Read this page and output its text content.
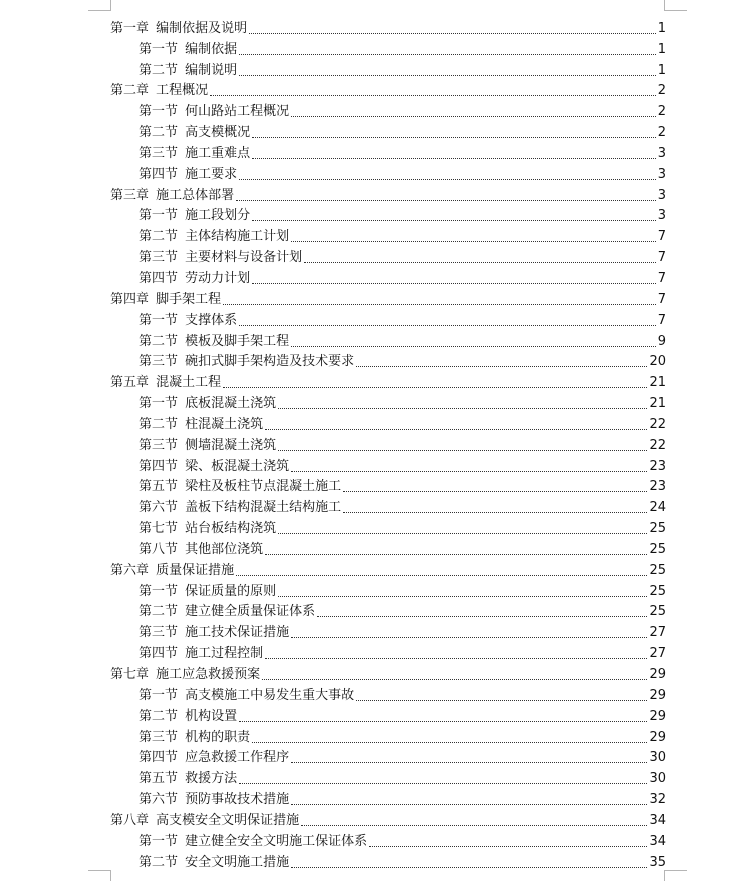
第一章 编制依据及说明	1
第一节 编制依据	1
第二节 编制说明	1
第二章 工程概况	2
第一节 何山路站工程概况	2
第二节 高支模概况	2
第三节 施工重难点	3
第四节 施工要求	3
第三章 施工总体部署	3
第一节 施工段划分	3
第二节 主体结构施工计划	7
第三节 主要材料与设备计划	7
第四节 劳动力计划	7
第四章 脚手架工程	7
第一节 支撑体系	7
第二节 模板及脚手架工程	9
第三节 碗扣式脚手架构造及技术要求	20
第五章 混凝土工程	21
第一节 底板混凝土浇筑	21
第二节 柱混凝土浇筑	22
第三节 侧墙混凝土浇筑	22
第四节 梁、板混凝土浇筑	23
第五节 梁柱及板柱节点混凝土施工	23
第六节 盖板下结构混凝土结构施工	24
第七节 站台板结构浇筑	25
第八节 其他部位浇筑	25
第六章 质量保证措施	25
第一节 保证质量的原则	25
第二节 建立健全质量保证体系	25
第三节 施工技术保证措施	27
第四节 施工过程控制	27
第七章 施工应急救援预案	29
第一节 高支模施工中易发生重大事故	29
第二节 机构设置	29
第三节 机构的职责	29
第四节 应急救援工作程序	30
第五节 救援方法	30
第六节 预防事故技术措施	32
第八章 高支模安全文明保证措施	34
第一节 建立健全安全文明施工保证体系	34
第二节 安全文明施工措施	35
